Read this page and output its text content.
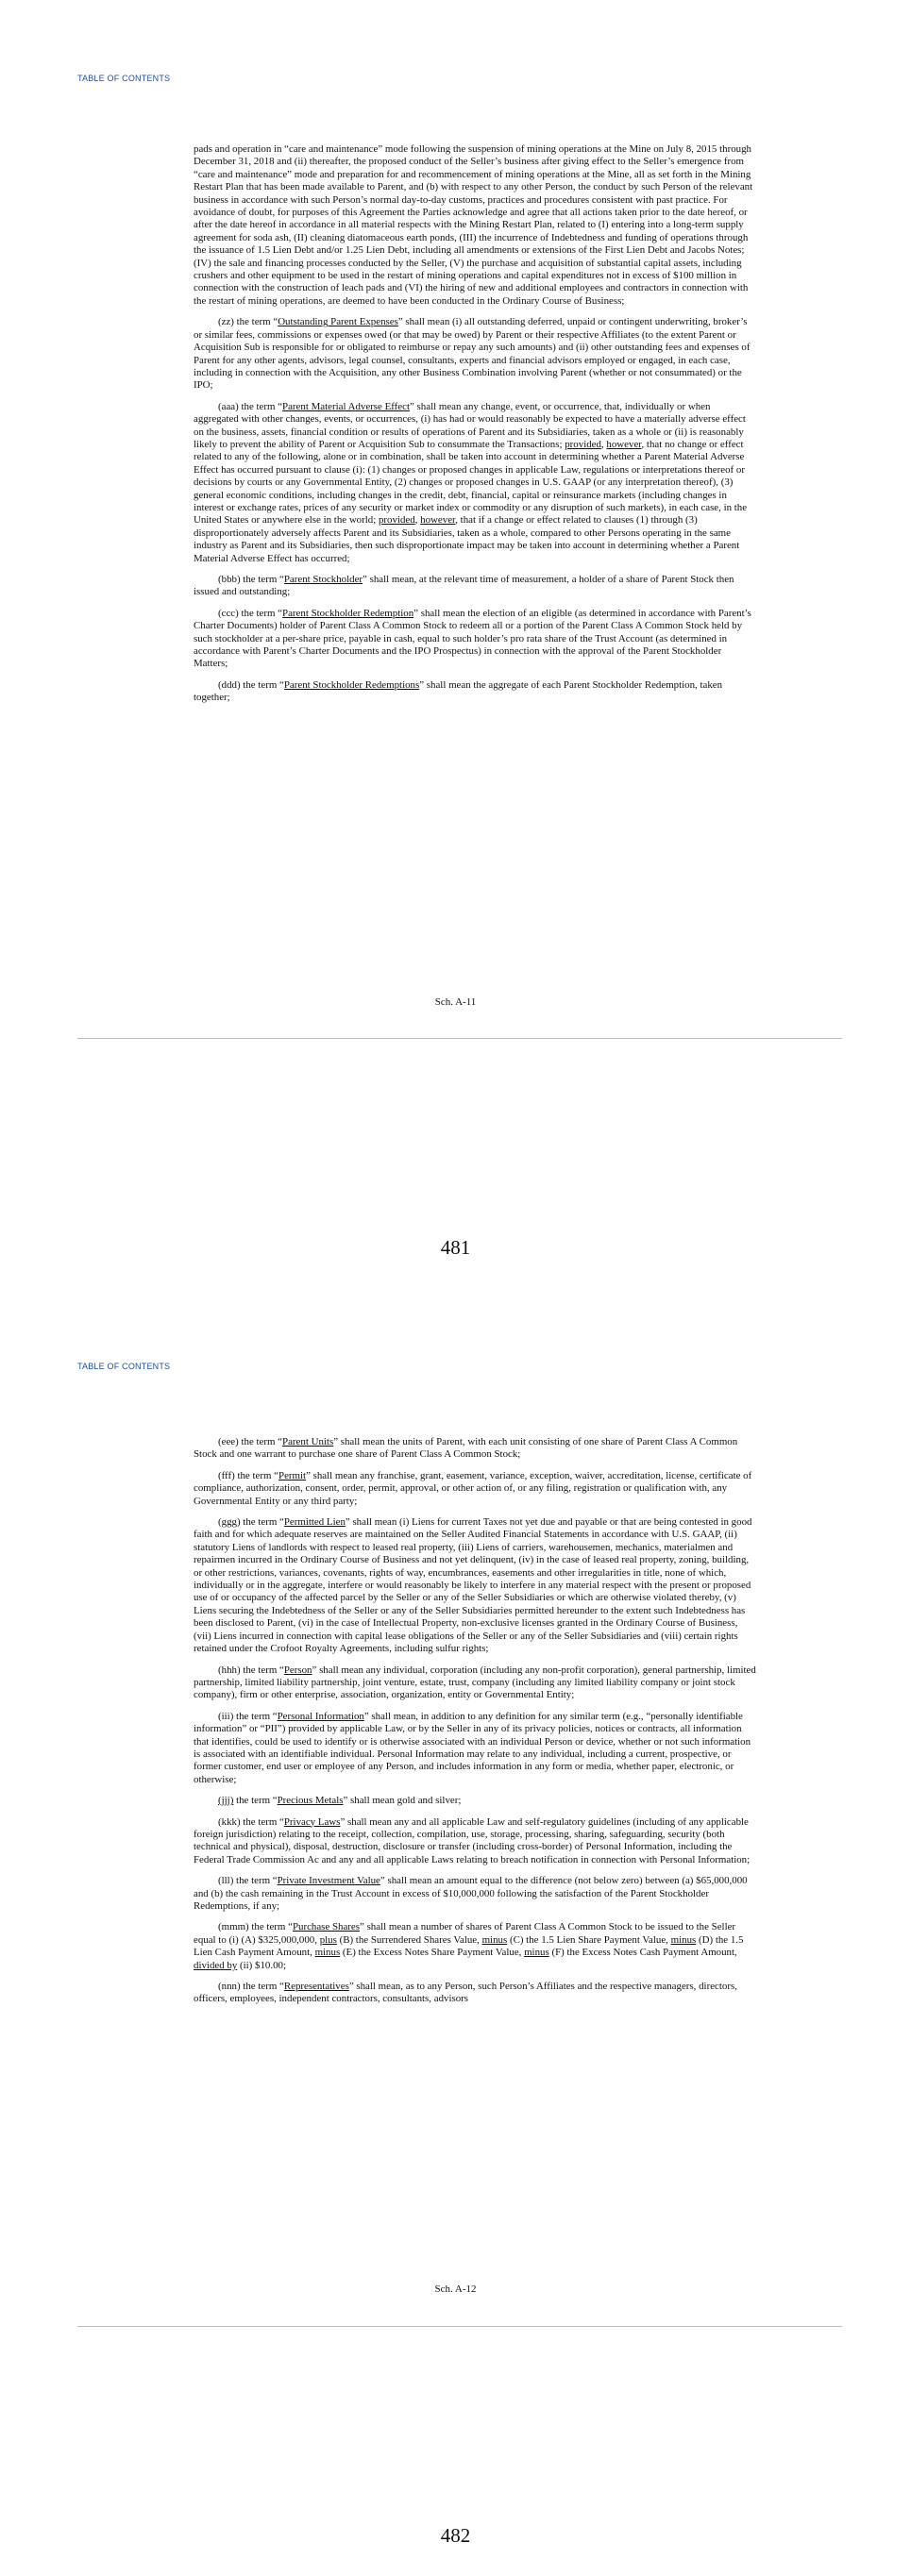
TABLE OF CONTENTS

pads and operation in “care and maintenance” mode following the suspension of mining operations at the Mine on July 8, 2015 through December 31, 2018 and (ii) thereafter, the proposed conduct of the Seller’s business after giving effect to the Seller’s emergence from “care and maintenance” mode and preparation for and recommencement of mining operations at the Mine, all as set forth in the Mining Restart Plan that has been made available to Parent, and (b) with respect to any other Person, the conduct by such Person of the relevant business in accordance with such Person’s normal day-to-day customs, practices and procedures consistent with past practice. For avoidance of doubt, for purposes of this Agreement the Parties acknowledge and agree that all actions taken prior to the date hereof, or after the date hereof in accordance in all material respects with the Mining Restart Plan, related to (I) entering into a long-term supply agreement for soda ash, (II) cleaning diatomaceous earth ponds, (III) the incurrence of Indebtedness and funding of operations through the issuance of 1.5 Lien Debt and/or 1.25 Lien Debt, including all amendments or extensions of the First Lien Debt and Jacobs Notes; (IV) the sale and financing processes conducted by the Seller, (V) the purchase and acquisition of substantial capital assets, including crushers and other equipment to be used in the restart of mining operations and capital expenditures not in excess of $100 million in connection with the construction of leach pads and (VI) the hiring of new and additional employees and contractors in connection with the restart of mining operations, are deemed to have been conducted in the Ordinary Course of Business;

(zz) the term “Outstanding Parent Expenses” shall mean (i) all outstanding deferred, unpaid or contingent underwriting, broker’s or similar fees, commissions or expenses owed (or that may be owed) by Parent or their respective Affiliates (to the extent Parent or Acquisition Sub is responsible for or obligated to reimburse or repay any such amounts) and (ii) other outstanding fees and expenses of Parent for any other agents, advisors, legal counsel, consultants, experts and financial advisors employed or engaged, in each case, including in connection with the Acquisition, any other Business Combination involving Parent (whether or not consummated) or the IPO;

(aaa) the term “Parent Material Adverse Effect” shall mean any change, event, or occurrence, that, individually or when aggregated with other changes, events, or occurrences, (i) has had or would reasonably be expected to have a materially adverse effect on the business, assets, financial condition or results of operations of Parent and its Subsidiaries, taken as a whole or (ii) is reasonably likely to prevent the ability of Parent or Acquisition Sub to consummate the Transactions; provided, however, that no change or effect related to any of the following, alone or in combination, shall be taken into account in determining whether a Parent Material Adverse Effect has occurred pursuant to clause (i): (1) changes or proposed changes in applicable Law, regulations or interpretations thereof or decisions by courts or any Governmental Entity, (2) changes or proposed changes in U.S. GAAP (or any interpretation thereof), (3) general economic conditions, including changes in the credit, debt, financial, capital or reinsurance markets (including changes in interest or exchange rates, prices of any security or market index or commodity or any disruption of such markets), in each case, in the United States or anywhere else in the world; provided, however, that if a change or effect related to clauses (1) through (3) disproportionately adversely affects Parent and its Subsidiaries, taken as a whole, compared to other Persons operating in the same industry as Parent and its Subsidiaries, then such disproportionate impact may be taken into account in determining whether a Parent Material Adverse Effect has occurred;

(bbb) the term “Parent Stockholder” shall mean, at the relevant time of measurement, a holder of a share of Parent Stock then issued and outstanding;

(ccc) the term “Parent Stockholder Redemption” shall mean the election of an eligible (as determined in accordance with Parent’s Charter Documents) holder of Parent Class A Common Stock to redeem all or a portion of the Parent Class A Common Stock held by such stockholder at a per-share price, payable in cash, equal to such holder’s pro rata share of the Trust Account (as determined in accordance with Parent’s Charter Documents and the IPO Prospectus) in connection with the approval of the Parent Stockholder Matters;

(ddd) the term “Parent Stockholder Redemptions” shall mean the aggregate of each Parent Stockholder Redemption, taken together;

Sch. A-11
481
TABLE OF CONTENTS

(eee) the term “Parent Units” shall mean the units of Parent, with each unit consisting of one share of Parent Class A Common Stock and one warrant to purchase one share of Parent Class A Common Stock;

(fff) the term “Permit” shall mean any franchise, grant, easement, variance, exception, waiver, accreditation, license, certificate of compliance, authorization, consent, order, permit, approval, or other action of, or any filing, registration or qualification with, any Governmental Entity or any third party;

(ggg) the term “Permitted Lien” shall mean (i) Liens for current Taxes not yet due and payable or that are being contested in good faith and for which adequate reserves are maintained on the Seller Audited Financial Statements in accordance with U.S. GAAP, (ii) statutory Liens of landlords with respect to leased real property, (iii) Liens of carriers, warehousemen, mechanics, materialmen and repairmen incurred in the Ordinary Course of Business and not yet delinquent, (iv) in the case of leased real property, zoning, building, or other restrictions, variances, covenants, rights of way, encumbrances, easements and other irregularities in title, none of which, individually or in the aggregate, interfere or would reasonably be likely to interfere in any material respect with the present or proposed use of or occupancy of the affected parcel by the Seller or any of the Seller Subsidiaries or which are otherwise violated thereby, (v) Liens securing the Indebtedness of the Seller or any of the Seller Subsidiaries permitted hereunder to the extent such Indebtedness has been disclosed to Parent, (vi) in the case of Intellectual Property, non-exclusive licenses granted in the Ordinary Course of Business, (vii) Liens incurred in connection with capital lease obligations of the Seller or any of the Seller Subsidiaries and (viii) certain rights retained under the Crofoot Royalty Agreements, including sulfur rights;

(hhh) the term “Person” shall mean any individual, corporation (including any non-profit corporation), general partnership, limited partnership, limited liability partnership, joint venture, estate, trust, company (including any limited liability company or joint stock company), firm or other enterprise, association, organization, entity or Governmental Entity;

(iii) the term “Personal Information” shall mean, in addition to any definition for any similar term (e.g., “personally identifiable information” or “PII”) provided by applicable Law, or by the Seller in any of its privacy policies, notices or contracts, all information that identifies, could be used to identify or is otherwise associated with an individual Person or device, whether or not such information is associated with an identifiable individual. Personal Information may relate to any individual, including a current, prospective, or former customer, end user or employee of any Person, and includes information in any form or media, whether paper, electronic, or otherwise;

(jjj) the term “Precious Metals” shall mean gold and silver;

(kkk) the term “Privacy Laws” shall mean any and all applicable Law and self-regulatory guidelines (including of any applicable foreign jurisdiction) relating to the receipt, collection, compilation, use, storage, processing, sharing, safeguarding, security (both technical and physical), disposal, destruction, disclosure or transfer (including cross-border) of Personal Information, including the Federal Trade Commission Ac and any and all applicable Laws relating to breach notification in connection with Personal Information;

(lll) the term “Private Investment Value” shall mean an amount equal to the difference (not below zero) between (a) $65,000,000 and (b) the cash remaining in the Trust Account in excess of $10,000,000 following the satisfaction of the Parent Stockholder Redemptions, if any;

(mmm) the term “Purchase Shares” shall mean a number of shares of Parent Class A Common Stock to be issued to the Seller equal to (i) (A) $325,000,000, plus (B) the Surrendered Shares Value, minus (C) the 1.5 Lien Share Payment Value, minus (D) the 1.5 Lien Cash Payment Amount, minus (E) the Excess Notes Share Payment Value, minus (F) the Excess Notes Cash Payment Amount, divided by (ii) $10.00;

(nnn) the term “Representatives” shall mean, as to any Person, such Person’s Affiliates and the respective managers, directors, officers, employees, independent contractors, consultants, advisors

Sch. A-12
482
